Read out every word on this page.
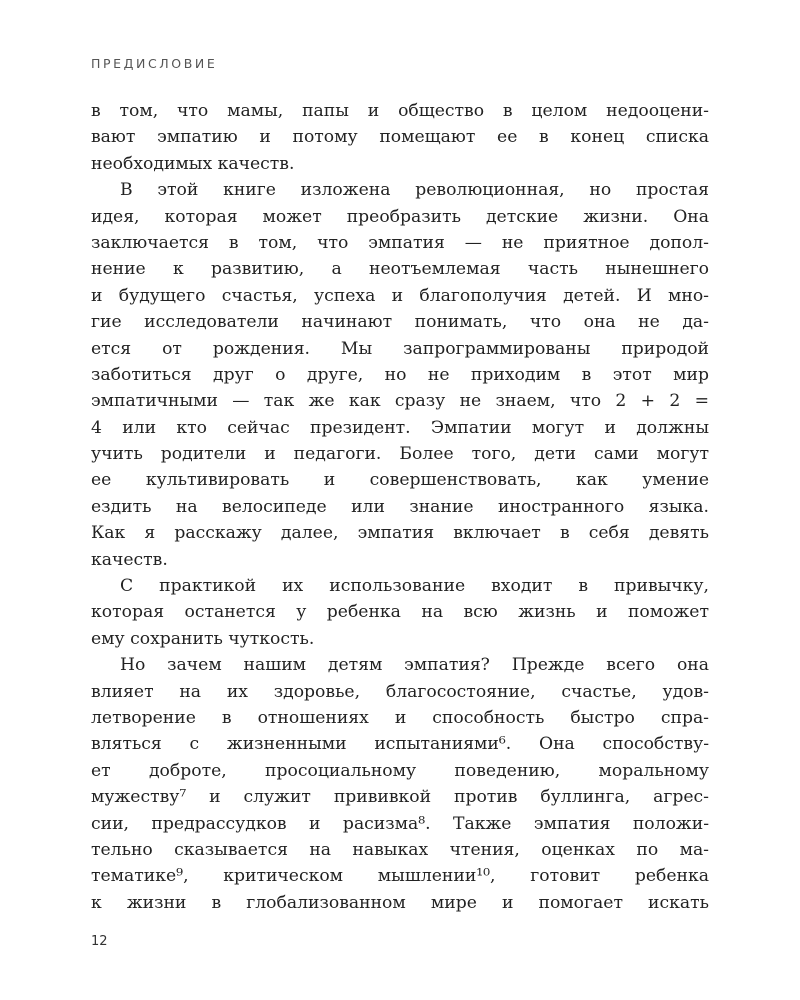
ПРЕДИСЛОВИЕ
в том, что мамы, папы и общество в целом недооцени-
вают эмпатию и потому помещают ее в конец списка
необходимых качеств.
В этой книге изложена революционная, но простая
идея, которая может преобразить детские жизни. Она
заключается в том, что эмпатия — не приятное допол-
нение к развитию, а неотъемлемая часть нынешнего
и будущего счастья, успеха и благополучия детей. И мно-
гие исследователи начинают понимать, что она не да-
ется от рождения. Мы запрограммированы природой
заботиться друг о друге, но не приходим в этот мир
эмпатичными — так же как сразу не знаем, что 2 + 2 =
4 или кто сейчас президент. Эмпатии могут и должны
учить родители и педагоги. Более того, дети сами могут
ее культивировать и совершенствовать, как умение
ездить на велосипеде или знание иностранного языка.
Как я расскажу далее, эмпатия включает в себя девять
качеств.
С практикой их использование входит в привычку,
которая останется у ребенка на всю жизнь и поможет
ему сохранить чуткость.
Но зачем нашим детям эмпатия? Прежде всего она
влияет на их здоровье, благосостояние, счастье, удов-
летворение в отношениях и способность быстро спра-
вляться с жизненными испытаниями⁶. Она способству-
ет доброте, просоциальному поведению, моральному
мужеству⁷ и служит прививкой против буллинга, агрес-
сии, предрассудков и расизма⁸. Также эмпатия положи-
тельно сказывается на навыках чтения, оценках по ма-
тематике⁹, критическом мышлении¹⁰, готовит ребенка
к жизни в глобализованном мире и помогает искать
12
